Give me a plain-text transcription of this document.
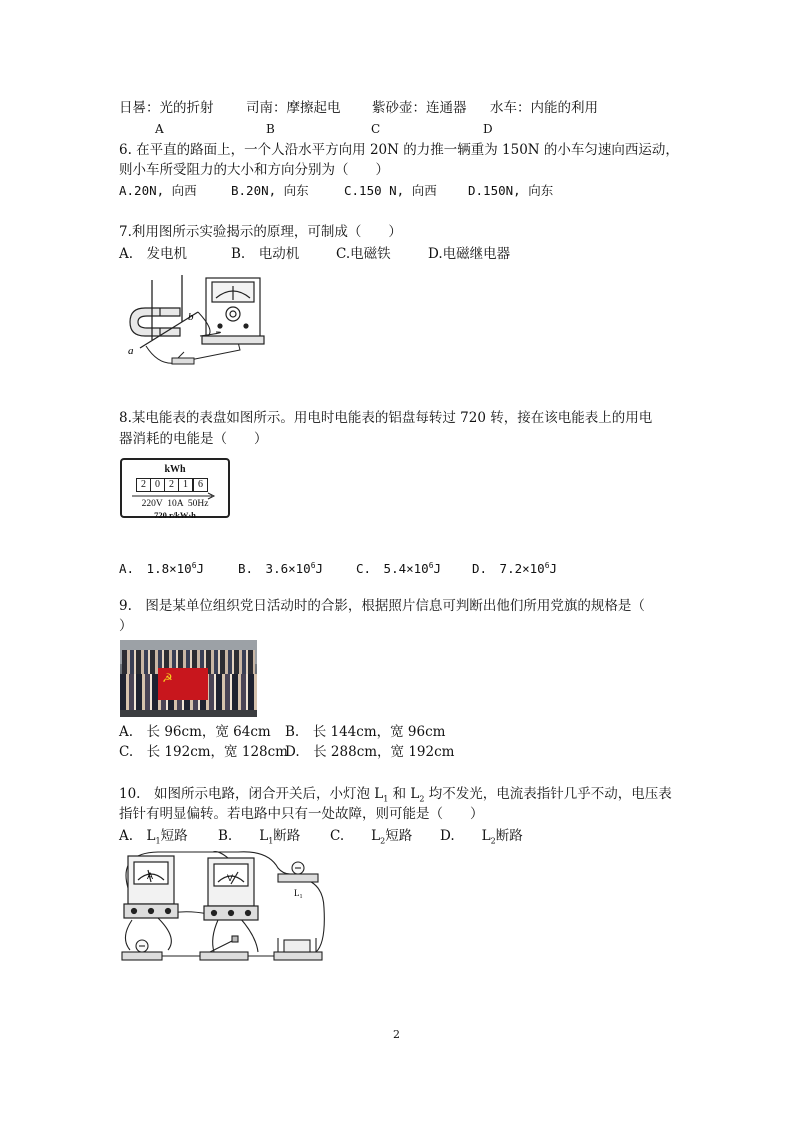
日晷：光的折射 司南：摩擦起电 紫砂壶：连通器 水车：内能的利用
A	B	C	D
6. 在平直的路面上，一个人沿水平方向用 20N 的力推一辆重为 150N 的小车匀速向西运动，
则小车所受阻力的大小和方向分别为（　　）
A.20N, 向西	B.20N, 向东	C.150 N, 向西	D.150N, 向东
7.利用图所示实验揭示的原理，可制成（　　）
A.　发电机	B.　电动机	C.电磁铁	D.电磁继电器
a
b
8.某电能表的表盘如图所示。用电时电能表的铝盘每转过 720 转，接在该电能表上的用电
器消耗的电能是（　　）
kWh
2 0 2 1	6
220V  10A  50Hz
720 r/kW·h
A.　$1.8\times 10^6J$	B.　$3.6\times 10^6J$	C.　$5.4\times 10^6J$ D.　$7.2\times 10^6J$
9.　图是某单位组织党日活动时的合影，根据照片信息可判断出他们所用党旗的规格是（
）
☭
A.　长 96cm，宽 64cm B.　长 144cm，宽 96cm
C.　长 192cm，宽 128cm
D.　长 288cm，宽 192cm
10.　如图所示电路，闭合开关后，小灯泡 $L_1$ 和 $L_2$ 均不发光，电流表指针几乎不动，电压表
指针有明显偏转。若电路中只有一处故障，则可能是（　　）
A.　$L_1$短路 B.　　$L_1$断路 C.　　$L_2$短路 D.　　$L_2$断路
A	V
$L_1$
2
